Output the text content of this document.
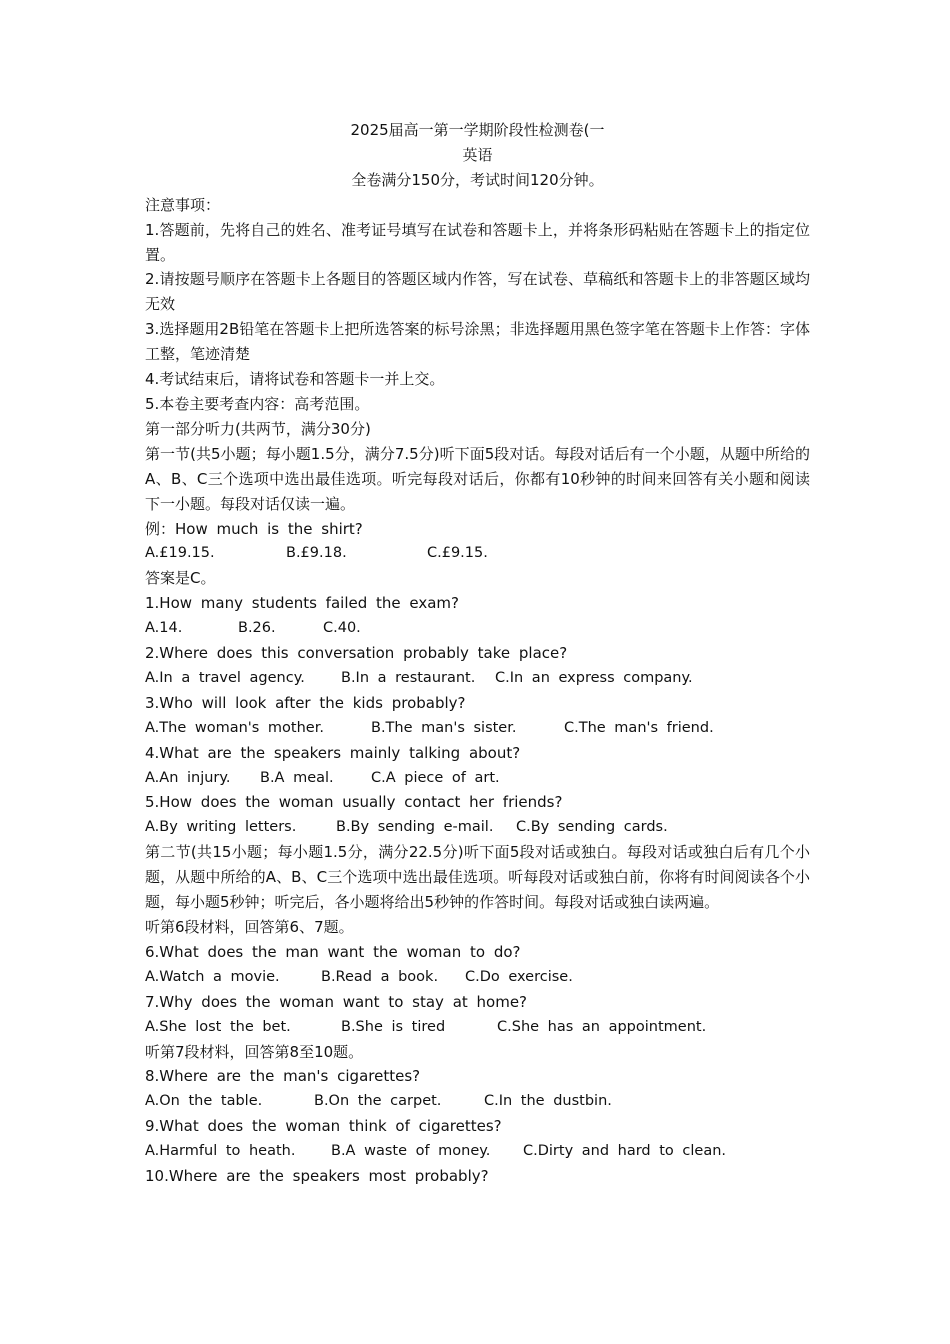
2025届高一第一学期阶段性检测卷(一
英语
全卷满分150分，考试时间120分钟。

注意事项：

1.答题前，先将自己的姓名、准考证号填写在试卷和答题卡上，并将条形码粘贴在答题卡上的指定位置。

2.请按题号顺序在答题卡上各题目的答题区域内作答，写在试卷、草稿纸和答题卡上的非答题区域均无效

3.选择题用2B铅笔在答题卡上把所选答案的标号涂黑；非选择题用黑色签字笔在答题卡上作答：字体工整，笔迹清楚

4.考试结束后，请将试卷和答题卡一并上交。

5.本卷主要考查内容：高考范围。

第一部分听力(共两节，满分30分)

第一节(共5小题；每小题1.5分，满分7.5分)听下面5段对话。每段对话后有一个小题，从题中所给的A、B、C三个选项中选出最佳选项。听完每段对话后，你都有10秒钟的时间来回答有关小题和阅读下一小题。每段对话仅读一遍。

例：How much is the shirt?

A.£19.15.	B.£9.18.	C.£9.15.

答案是C。

1.How many students failed the exam?

A.14.	B.26.	C.40.

2.Where does this conversation probably take place?

A.In a travel agency.	B.In a restaurant.	C.In an express company.

3.Who will look after the kids probably?

A.The woman's mother.	B.The man's sister.	C.The man's friend.

4.What are the speakers mainly talking about?

A.An injury.	B.A meal.	C.A piece of art.

5.How does the woman usually contact her friends?

A.By writing letters.	B.By sending e-mail.	C.By sending cards.

第二节(共15小题；每小题1.5分，满分22.5分)听下面5段对话或独白。每段对话或独白后有几个小题，从题中所给的A、B、C三个选项中选出最佳选项。听每段对话或独白前，你将有时间阅读各个小题，每小题5秒钟；听完后，各小题将给出5秒钟的作答时间。每段对话或独白读两遍。

听第6段材料，回答第6、7题。

6.What does the man want the woman to do?

A.Watch a movie.	B.Read a book.	C.Do exercise.

7.Why does the woman want to stay at home?

A.She lost the bet.	B.She is tired	C.She has an appointment.

听第7段材料，回答第8至10题。

8.Where are the man's cigarettes?

A.On the table.	B.On the carpet.	C.In the dustbin.

9.What does the woman think of cigarettes?

A.Harmful to heath.	B.A waste of money.	C.Dirty and hard to clean.

10.Where are the speakers most probably?
